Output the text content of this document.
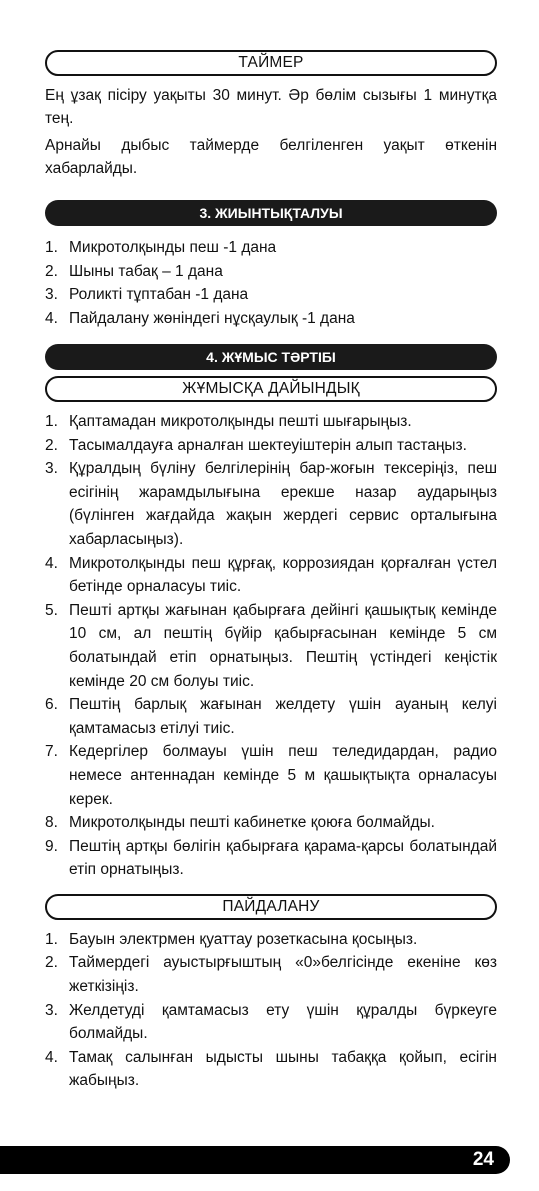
ТАЙМЕР

Ең ұзақ пісіру уақыты 30 минут. Әр бөлім сызығы 1 минутқа тең.

Арнайы дыбыс таймерде белгіленген уақыт өткенін хабарлайды.

3. ЖИЫНТЫҚТАЛУЫ
1. Микротолқынды пеш -1 дана
2. Шыны табақ – 1 дана
3. Роликті тұптабан -1 дана
4. Пайдалану жөніндегі нұсқаулық -1 дана
4. ЖҰМЫС ТӘРТІБІ
ЖҰМЫСҚА ДАЙЫНДЫҚ
1. Қаптамадан микротолқынды пешті шығарыңыз.
2. Тасымалдауға арналған шектеуіштерін алып тастаңыз.
3. Құралдың бүліну белгілерінің бар-жоғын тексеріңіз, пеш есігінің жарамдылығына ерекше назар аударыңыз (бүлінген жағдайда жақын жердегі сервис орталығына хабарласыңыз).
4. Микротолқынды пеш құрғақ, коррозиядан қорғалған үстел бетінде орналасуы тиіс.
5. Пешті артқы жағынан қабырғаға дейінгі қашықтық кемінде 10 см, ал пештің бүйір қабырғасынан кемінде 5 см болатындай етіп орнатыңыз. Пештің үстіндегі кеңістік кемінде 20 см болуы тиіс.
6. Пештің барлық жағынан желдету үшін ауаның келуі қамтамасыз етілуі тиіс.
7. Кедергілер болмауы үшін пеш теледидардан, радио немесе антеннадан кемінде 5 м қашықтықта орналасуы керек.
8. Микротолқынды пешті кабинетке қоюға болмайды.
9. Пештің артқы бөлігін қабырғаға қарама-қарсы болатындай етіп орнатыңыз.
ПАЙДАЛАНУ
1. Бауын электрмен қуаттау розеткасына қосыңыз.
2. Таймердегі ауыстырғыштың «0»белгісінде екеніне көз жеткізіңіз.
3. Желдетуді қамтамасыз ету үшін құралды бүркеуге болмайды.
4. Тамақ салынған ыдысты шыны табаққа қойып, есігін жабыңыз.
24
